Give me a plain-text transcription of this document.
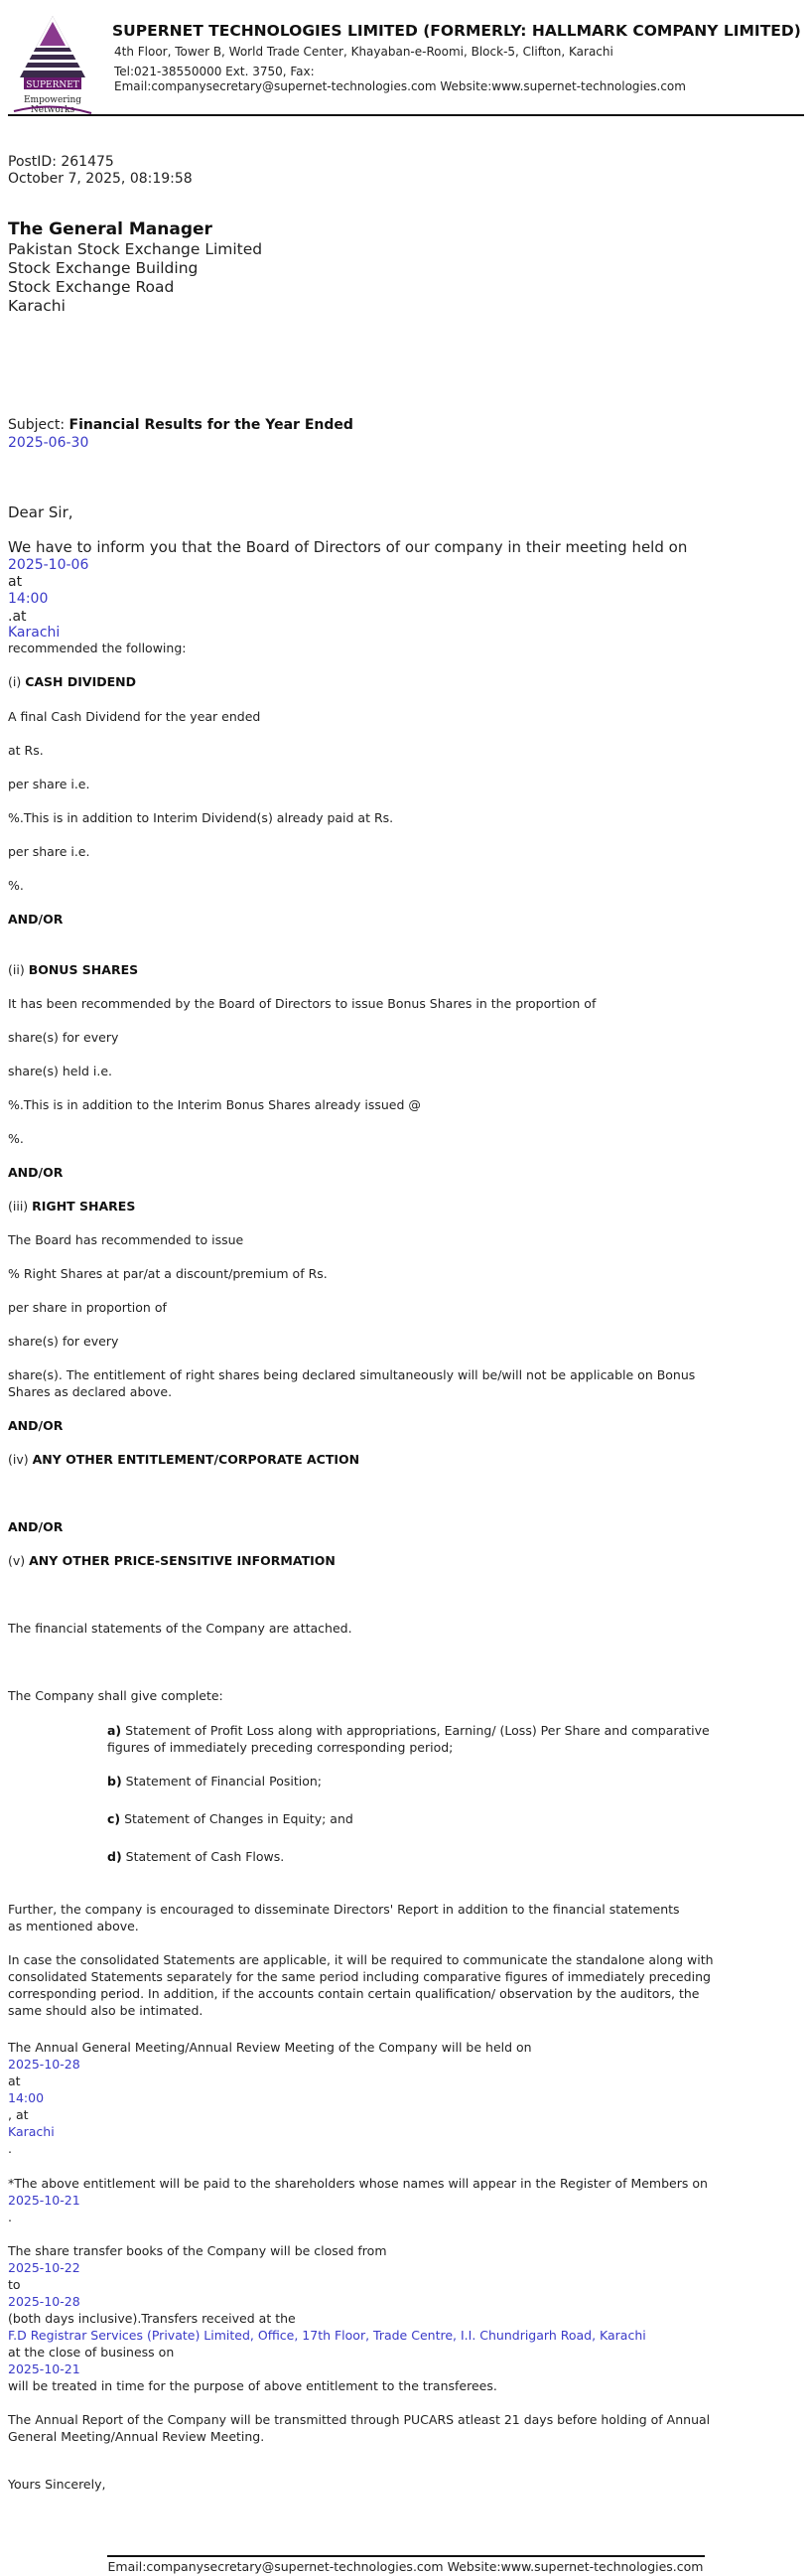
SUPERNET
Empowering Networks
SUPERNET TECHNOLOGIES LIMITED (FORMERLY: HALLMARK COMPANY LIMITED)
4th Floor, Tower B, World Trade Center, Khayaban-e-Roomi, Block-5, Clifton, Karachi
Tel:021-38550000 Ext. 3750, Fax:
Email:companysecretary@supernet-technologies.com Website:www.supernet-technologies.com
PostID: 261475
October 7, 2025, 08:19:58
The General Manager
Pakistan Stock Exchange Limited
Stock Exchange Building
Stock Exchange Road
Karachi
Subject: Financial Results for the Year Ended
2025-06-30
Dear Sir,
We have to inform you that the Board of Directors of our company in their meeting held on
2025-10-06
at
14:00
.at
Karachi
recommended the following:
(i) CASH DIVIDEND
A final Cash Dividend for the year ended
at Rs.
per share i.e.
%.This is in addition to Interim Dividend(s) already paid at Rs.
per share i.e.
%.
AND/OR
(ii) BONUS SHARES
It has been recommended by the Board of Directors to issue Bonus Shares in the proportion of
share(s) for every
share(s) held i.e.
%.This is in addition to the Interim Bonus Shares already issued @
%.
AND/OR
(iii) RIGHT SHARES
The Board has recommended to issue
% Right Shares at par/at a discount/premium of Rs.
per share in proportion of
share(s) for every
share(s). The entitlement of right shares being declared simultaneously will be/will not be applicable on Bonus
Shares as declared above.
AND/OR
(iv) ANY OTHER ENTITLEMENT/CORPORATE ACTION
AND/OR
(v) ANY OTHER PRICE-SENSITIVE INFORMATION
The financial statements of the Company are attached.
The Company shall give complete:
a) Statement of Profit Loss along with appropriations, Earning/ (Loss) Per Share and comparative
figures of immediately preceding corresponding period;
b) Statement of Financial Position;
c) Statement of Changes in Equity; and
d) Statement of Cash Flows.
Further, the company is encouraged to disseminate Directors' Report in addition to the financial statements
as mentioned above.
In case the consolidated Statements are applicable, it will be required to communicate the standalone along with
consolidated Statements separately for the same period including comparative figures of immediately preceding
corresponding period. In addition, if the accounts contain certain qualification/ observation by the auditors, the
same should also be intimated.
The Annual General Meeting/Annual Review Meeting of the Company will be held on
2025-10-28
at
14:00
, at
Karachi
.
*The above entitlement will be paid to the shareholders whose names will appear in the Register of Members on
2025-10-21
.
The share transfer books of the Company will be closed from
2025-10-22
to
2025-10-28
(both days inclusive).Transfers received at the
F.D Registrar Services (Private) Limited, Office, 17th Floor, Trade Centre, I.I. Chundrigarh Road, Karachi
at the close of business on
2025-10-21
will be treated in time for the purpose of above entitlement to the transferees.
The Annual Report of the Company will be transmitted through PUCARS atleast 21 days before holding of Annual
General Meeting/Annual Review Meeting.
Yours Sincerely,
Email:companysecretary@supernet-technologies.com Website:www.supernet-technologies.com
